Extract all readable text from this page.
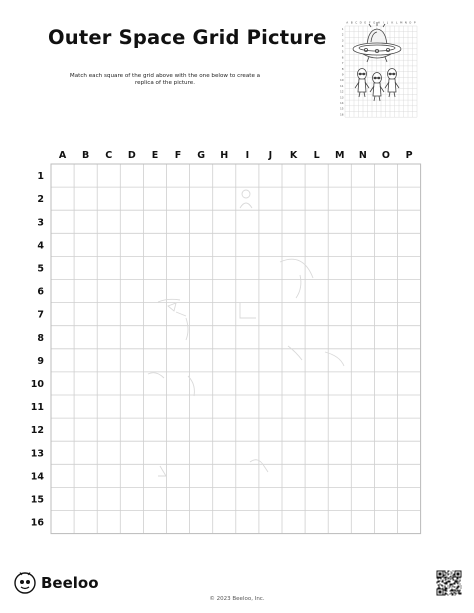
Outer Space Grid Picture
Match each square of the grid above with the one below to create a replica of the picture.
A B C D E F G H I	J K L M N O P
1
2
3
4
5
6
7
8
9
10
11
12
13
14
15
16
A B C D E F G H I J K L M N O P
1
2
3
4
5
6
7
8
9
10
11
12
13
14
15
16
Beeloo
© 2023 Beeloo, Inc.
